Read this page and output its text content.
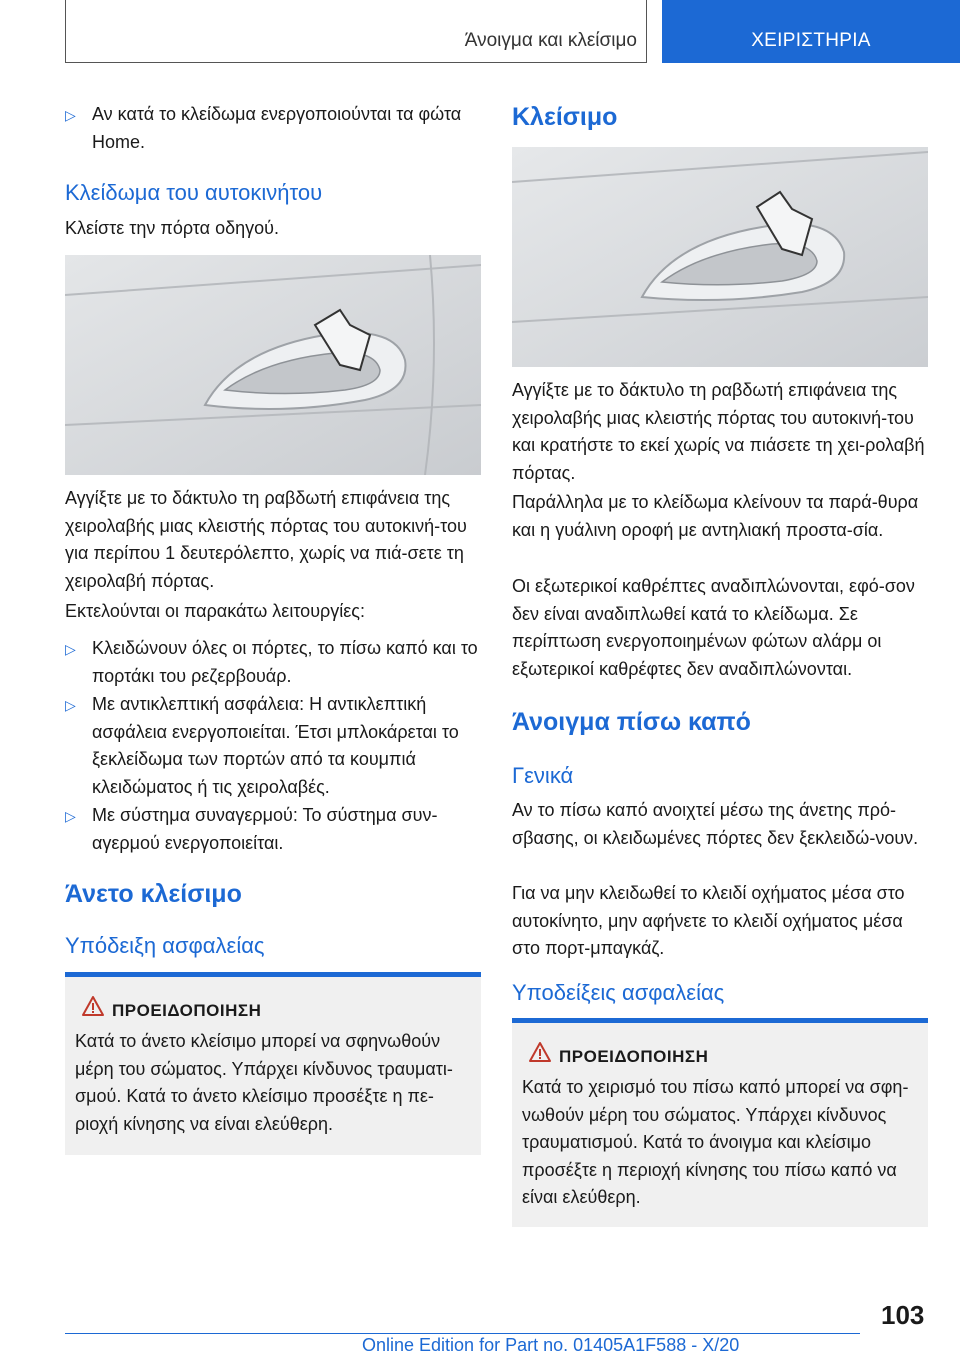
Άνοιγμα και κλείσιμο	ΧΕΙΡΙΣΤΗΡΙΑ
▷ Αν κατά το κλείδωμα ενεργοποιούνται τα φώτα Home.
Κλείδωμα του αυτοκινήτου

Κλείστε την πόρτα οδηγού.

Αγγίξτε με το δάκτυλο τη ραβδωτή επιφάνεια της χειρολαβής μιας κλειστής πόρτας του αυτοκινή-του για περίπου 1 δευτερόλεπτο, χωρίς να πιά-σετε τη χειρολαβή πόρτας.

Εκτελούνται οι παρακάτω λειτουργίες:

▷ Κλειδώνουν όλες οι πόρτες, το πίσω καπό και το πορτάκι του ρεζερβουάρ.
▷ Με αντικλεπτική ασφάλεια: Η αντικλεπτική ασφάλεια ενεργοποιείται. Έτσι μπλοκάρεται το ξεκλείδωμα των πορτών από τα κουμπιά κλειδώματος ή τις χειρολαβές.
▷ Με σύστημα συναγερμού: Το σύστημα συν-αγερμού ενεργοποιείται.
Άνετο κλείσιμο
Υπόδειξη ασφαλείας
ΠΡΟΕΙΔΟΠΟΙΗΣΗ
Κατά το άνετο κλείσιμο μπορεί να σφηνωθούν μέρη του σώματος. Υπάρχει κίνδυνος τραυματι-σμού. Κατά το άνετο κλείσιμο προσέξτε η πε-ριοχή κίνησης να είναι ελεύθερη.
Κλείσιμο

Αγγίξτε με το δάκτυλο τη ραβδωτή επιφάνεια της χειρολαβής μιας κλειστής πόρτας του αυτοκινή-του και κρατήστε το εκεί χωρίς να πιάσετε τη χει-ρολαβή πόρτας.

Παράλληλα με το κλείδωμα κλείνουν τα παρά-θυρα και η γυάλινη οροφή με αντηλιακή προστα-σία.

Οι εξωτερικοί καθρέπτες αναδιπλώνονται, εφό-σον δεν είναι αναδιπλωθεί κατά το κλείδωμα. Σε περίπτωση ενεργοποιημένων φώτων αλάρμ οι εξωτερικοί καθρέφτες δεν αναδιπλώνονται.

Άνοιγμα πίσω καπό
Γενικά

Αν το πίσω καπό ανοιχτεί μέσω της άνετης πρό-σβασης, οι κλειδωμένες πόρτες δεν ξεκλειδώ-νουν.

Για να μην κλειδωθεί το κλειδί οχήματος μέσα στο αυτοκίνητο, μην αφήνετε το κλειδί οχήματος μέσα στο πορτ-μπαγκάζ.

Υποδείξεις ασφαλείας
ΠΡΟΕΙΔΟΠΟΙΗΣΗ
Κατά το χειρισμό του πίσω καπό μπορεί να σφη-νωθούν μέρη του σώματος. Υπάρχει κίνδυνος τραυματισμού. Κατά το άνοιγμα και κλείσιμο προσέξτε η περιοχή κίνησης του πίσω καπό να είναι ελεύθερη.
103
Online Edition for Part no. 01405A1F588 - X/20
